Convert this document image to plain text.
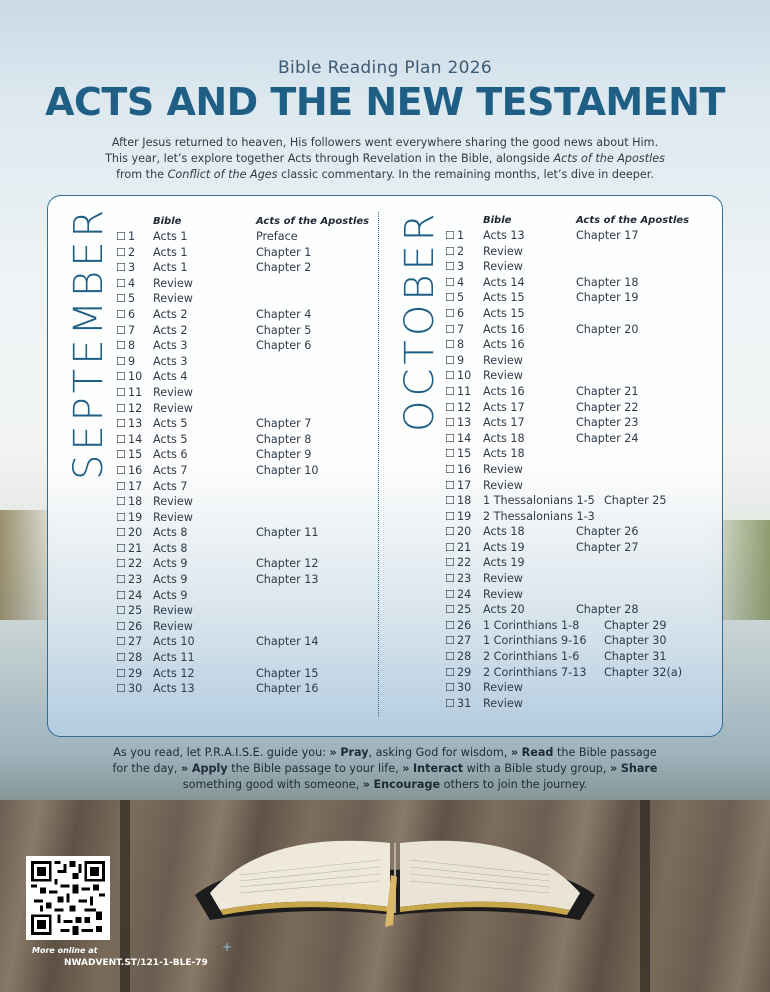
Bible Reading Plan 2026
ACTS AND THE NEW TESTAMENT
After Jesus returned to heaven, His followers went everywhere sharing the good news about Him.
This year, let’s explore together Acts through Revelation in the Bible, alongside Acts of the Apostles
from the Conflict of the Ages classic commentary. In the remaining months, let’s dive in deeper.
SEPTEMBER	OCTOBER
Bible	Acts of the Apostles	Bible	Acts of the Apostles
☐ 1 Acts 1	Preface
☐ 2 Acts 1	Chapter 1
☐ 3 Acts 1	Chapter 2
☐ 4 Review
☐ 5 Review
☐ 6 Acts 2	Chapter 4
☐ 7 Acts 2	Chapter 5
☐ 8 Acts 3	Chapter 6
☐ 9 Acts 3
☐ 10 Acts 4
☐ 11 Review
☐ 12 Review
☐ 13 Acts 5	Chapter 7
☐ 14 Acts 5	Chapter 8
☐ 15 Acts 6	Chapter 9
☐ 16 Acts 7	Chapter 10
☐ 17 Acts 7
☐ 18 Review
☐ 19 Review
☐ 20 Acts 8	Chapter 11
☐ 21 Acts 8
☐ 22 Acts 9	Chapter 12
☐ 23 Acts 9	Chapter 13
☐ 24 Acts 9
☐ 25 Review
☐ 26 Review
☐ 27 Acts 10	Chapter 14
☐ 28 Acts 11
☐ 29 Acts 12	Chapter 15
☐ 30 Acts 13	Chapter 16
☐ 1 Acts 13	Chapter 17
☐ 2 Review
☐ 3 Review
☐ 4 Acts 14	Chapter 18
☐ 5 Acts 15	Chapter 19
☐ 6 Acts 15
☐ 7 Acts 16	Chapter 20
☐ 8 Acts 16
☐ 9 Review
☐ 10 Review
☐ 11 Acts 16	Chapter 21
☐ 12 Acts 17	Chapter 22
☐ 13 Acts 17	Chapter 23
☐ 14 Acts 18	Chapter 24
☐ 15 Acts 18
☐ 16 Review
☐ 17 Review
☐ 18 1 Thessalonians 1-5 Chapter 25
☐ 19 2 Thessalonians 1-3
☐ 20 Acts 18	Chapter 26
☐ 21 Acts 19	Chapter 27
☐ 22 Acts 19
☐ 23 Review
☐ 24 Review
☐ 25 Acts 20	Chapter 28
☐ 26 1 Corinthians 1-8 Chapter 29
☐ 27 1 Corinthians 9-16 Chapter 30
☐ 28 2 Corinthians 1-6 Chapter 31
☐ 29 2 Corinthians 7-13 Chapter 32(a)
☐ 30 Review
☐ 31 Review
As you read, let P.R.A.I.S.E. guide you: » Pray, asking God for wisdom, » Read the Bible passage for the day, » Apply the Bible passage to your life, » Interact with a Bible study group, » Share something good with someone, » Encourage others to join the journey.
More online at
NWADVENT.ST/121-1-BLE-79
+
